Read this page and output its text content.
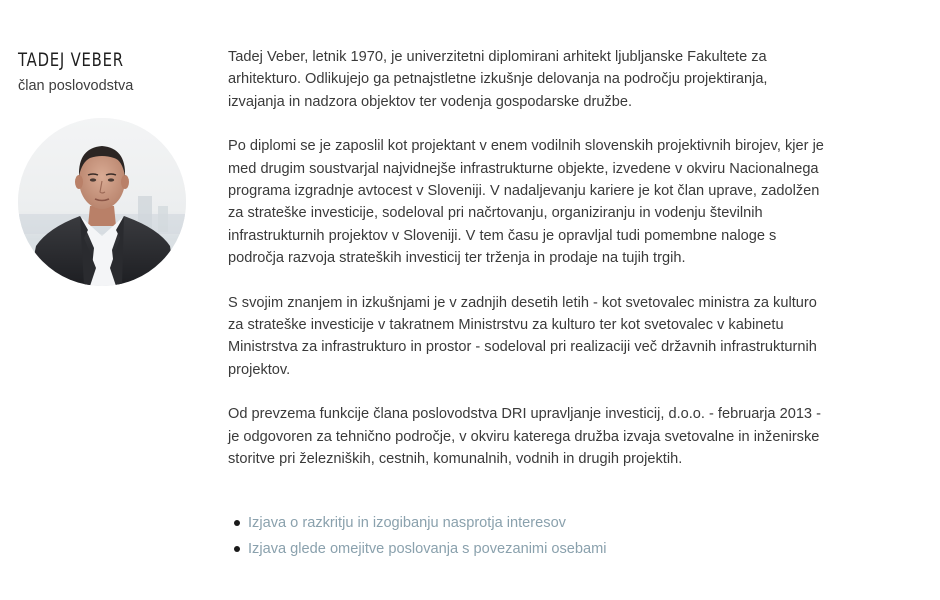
TADEJ VEBER
član poslovodstva

Tadej Veber, letnik 1970, je univerzitetni diplomirani arhitekt ljubljanske Fakultete za arhitekturo. Odlikujejo ga petnajstletne izkušnje delovanja na področju projektiranja, izvajanja in nadzora objektov ter vodenja gospodarske družbe.

Po diplomi se je zaposlil kot projektant v enem vodilnih slovenskih projektivnih birojev, kjer je med drugim soustvarjal najvidnejše infrastrukturne objekte, izvedene v okviru Nacionalnega programa izgradnje avtocest v Sloveniji. V nadaljevanju kariere je kot član uprave, zadolžen za strateške investicije, sodeloval pri načrtovanju, organiziranju in vodenju številnih infrastrukturnih projektov v Sloveniji. V tem času je opravljal tudi pomembne naloge s področja razvoja strateških investicij ter trženja in prodaje na tujih trgih.

S svojim znanjem in izkušnjami je v zadnjih desetih letih - kot svetovalec ministra za kulturo za strateške investicije v takratnem Ministrstvu za kulturo ter kot svetovalec v kabinetu Ministrstva za infrastrukturo in prostor - sodeloval pri realizaciji več državnih infrastrukturnih projektov.

Od prevzema funkcije člana poslovodstva DRI upravljanje investicij, d.o.o. - februarja 2013 - je odgovoren za tehnično področje, v okviru katerega družba izvaja svetovalne in inženirske storitve pri železniških, cestnih, komunalnih, vodnih in drugih projektih.

Izjava o razkritju in izogibanju nasprotja interesov
Izjava glede omejitve poslovanja s povezanimi osebami
